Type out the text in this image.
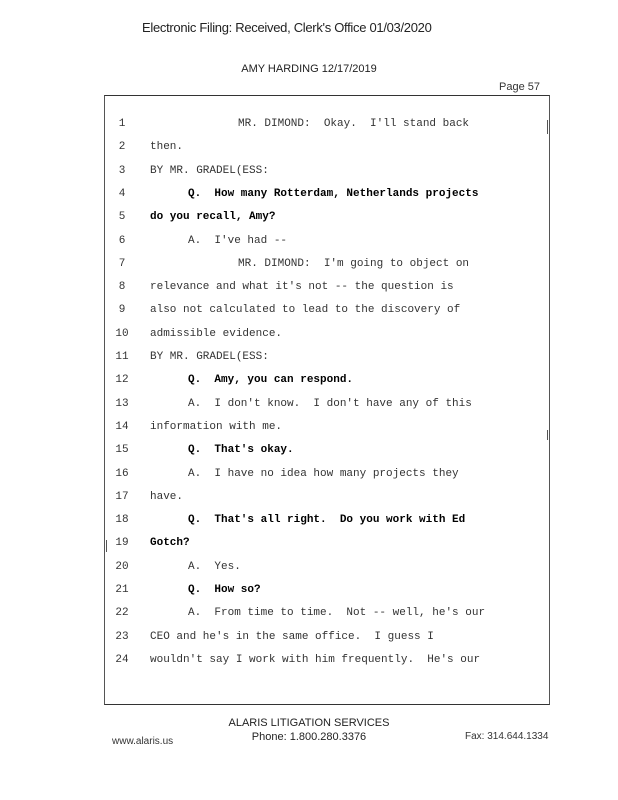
Electronic Filing: Received, Clerk's Office 01/03/2020
AMY HARDING 12/17/2019
Page 57
1	MR. DIMOND:  Okay.  I'll stand back
2	then.
3	BY MR. GRADEL(ESS:
4	Q.  How many Rotterdam, Netherlands projects
5	do you recall, Amy?
6	A.  I've had --
7	MR. DIMOND:  I'm going to object on
8	relevance and what it's not -- the question is
9	also not calculated to lead to the discovery of
10	admissible evidence.
11	BY MR. GRADEL(ESS:
12	Q.  Amy, you can respond.
13	A.  I don't know.  I don't have any of this
14	information with me.
15	Q.  That's okay.
16	A.  I have no idea how many projects they
17	have.
18	Q.  That's all right.  Do you work with Ed
19	Gotch?
20	A.  Yes.
21	Q.  How so?
22	A.  From time to time.  Not -- well, he's our
23	CEO and he's in the same office.  I guess I
24	wouldn't say I work with him frequently.  He's our
ALARIS LITIGATION SERVICES
Phone: 1.800.280.3376
www.alaris.us	Fax: 314.644.1334
